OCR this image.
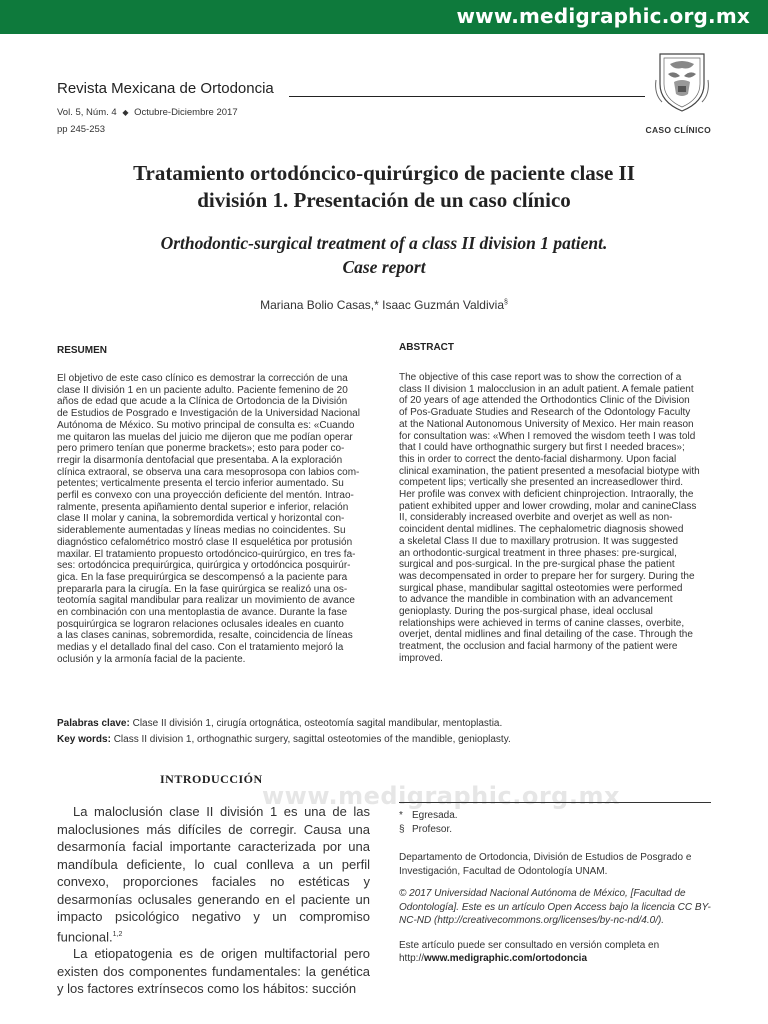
www.medigraphic.org.mx
Revista Mexicana de Ortodoncia
Vol. 5, Núm. 4 ◆ Octubre-Diciembre 2017
pp 245-253	CASO CLÍNICO
Tratamiento ortodóncico-quirúrgico de paciente clase II
división 1. Presentación de un caso clínico
Orthodontic-surgical treatment of a class II division 1 patient.
Case report
Mariana Bolio Casas,* Isaac Guzmán Valdivia§
RESUMEN	ABSTRACT
El objetivo de este caso clínico es demostrar la corrección de una
clase II división 1 en un paciente adulto. Paciente femenino de 20
años de edad que acude a la Clínica de Ortodoncia de la División
de Estudios de Posgrado e Investigación de la Universidad Nacional
Autónoma de México. Su motivo principal de consulta es: «Cuando
me quitaron las muelas del juicio me dijeron que me podían operar
pero primero tenían que ponerme brackets»; esto para poder co-
rregir la disarmonía dentofacial que presentaba. A la exploración
clínica extraoral, se observa una cara mesoprosopa con labios com-
petentes; verticalmente presenta el tercio inferior aumentado. Su
perfil es convexo con una proyección deficiente del mentón. Intrao-
ralmente, presenta apiñamiento dental superior e inferior, relación
clase II molar y canina, la sobremordida vertical y horizontal con-
siderablemente aumentadas y líneas medias no coincidentes. Su
diagnóstico cefalométrico mostró clase II esquelética por protusión
maxilar. El tratamiento propuesto ortodóncico-quirúrgico, en tres fa-
ses: ortodóncica prequirúrgica, quirúrgica y ortodóncica posquirúr-
gica. En la fase prequirúrgica se descompensó a la paciente para
prepararla para la cirugía. En la fase quirúrgica se realizó una os-
teotomía sagital mandibular para realizar un movimiento de avance
en combinación con una mentoplastia de avance. Durante la fase
posquirúrgica se lograron relaciones oclusales ideales en cuanto
a las clases caninas, sobremordida, resalte, coincidencia de líneas
medias y el detallado final del caso. Con el tratamiento mejoró la
oclusión y la armonía facial de la paciente.
The objective of this case report was to show the correction of a
class II division 1 malocclusion in an adult patient. A female patient
of 20 years of age attended the Orthodontics Clinic of the Division
of Pos-Graduate Studies and Research of the Odontology Faculty
at the National Autonomous University of Mexico. Her main reason
for consultation was: «When I removed the wisdom teeth I was told
that I could have orthognathic surgery but first I needed braces»;
this in order to correct the dento-facial disharmony. Upon facial
clinical examination, the patient presented a mesofacial biotype with
competent lips; vertically she presented an increasedlower third.
Her profile was convex with deficient chinprojection. Intraorally, the
patient exhibited upper and lower crowding, molar and canineClass
II, considerably increased overbite and overjet as well as non-
coincident dental midlines. The cephalometric diagnosis showed
a skeletal Class II due to maxillary protrusion. It was suggested
an orthodontic-surgical treatment in three phases: pre-surgical,
surgical and pos-surgical. In the pre-surgical phase the patient
was decompensated in order to prepare her for surgery. During the
surgical phase, mandibular sagittal osteotomies were performed
to advance the mandible in combination with an advancement
genioplasty. During the pos-surgical phase, ideal occlusal
relationships were achieved in terms of canine classes, overbite,
overjet, dental midlines and final detailing of the case. Through the
treatment, the occlusion and facial harmony of the patient were
improved.
Palabras clave: Clase II división 1, cirugía ortognática, osteotomía sagital mandibular, mentoplastia.
Key words: Class II division 1, orthognathic surgery, sagittal osteotomies of the mandible, genioplasty.
INTRODUCCIÓN
www.medigraphic.org.mx

La maloclusión clase II división 1 es una de las maloclusiones más difíciles de corregir. Causa una desarmonía facial importante caracterizada por una mandíbula deficiente, lo cual conlleva a un perfil convexo, proporciones faciales no estéticas y desarmonías oclusales generando en el paciente un impacto psicológico negativo y un compromiso funcional.$^{1,2}$

La etiopatogenia es de origen multifactorial pero existen dos componentes fundamentales: la genética y los factores extrínsecos como los hábitos: succión

* Egresada.
§ Profesor.
Departamento de Ortodoncia, División de Estudios de Posgrado e Investigación, Facultad de Odontología UNAM.
© 2017 Universidad Nacional Autónoma de México, [Facultad de Odontología]. Este es un artículo Open Access bajo la licencia CC BY-NC-ND (http://creativecommons.org/licenses/by-nc-nd/4.0/).
Este artículo puede ser consultado en versión completa en
http://www.medigraphic.com/ortodoncia
